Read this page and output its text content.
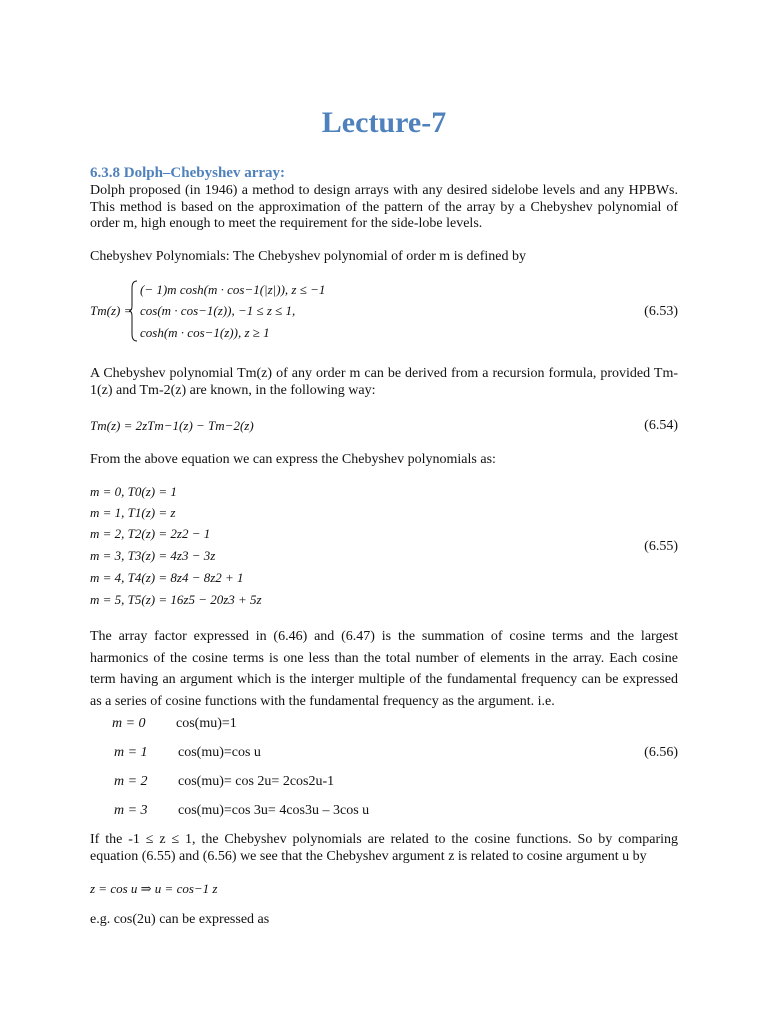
Lecture-7
6.3.8 Dolph–Chebyshev array:
Dolph proposed (in 1946) a method to design arrays with any desired sidelobe levels and any HPBWs. This method is based on the approximation of the pattern of the array by a Chebyshev polynomial of order m, high enough to meet the requirement for the side-lobe levels.
Chebyshev Polynomials: The Chebyshev polynomial of order m is defined by
Tm(z) =
(− 1)m cosh(m · cos−1(|z|)), z ≤ −1
cos(m · cos−1(z)), −1 ≤ z ≤ 1,
cosh(m · cos−1(z)), z ≥ 1
(6.53)
A Chebyshev polynomial Tm(z) of any order m can be derived from a recursion formula, provided Tm-1(z) and Tm-2(z) are known, in the following way:
Tm(z) = 2zTm−1(z) − Tm−2(z)	(6.54)
From the above equation we can express the Chebyshev polynomials as:
m = 0, T0(z) = 1
m = 1, T1(z) = z
m = 2, T2(z) = 2z2 − 1
m = 3, T3(z) = 4z3 − 3z
m = 4, T4(z) = 8z4 − 8z2 + 1
m = 5, T5(z) = 16z5 − 20z3 + 5z
(6.55)
The array factor expressed in (6.46) and (6.47) is the summation of cosine terms and the largest harmonics of the cosine terms is one less than the total number of elements in the array. Each cosine term having an argument which is the interger multiple of the fundamental frequency can be expressed as a series of cosine functions with the fundamental frequency as the argument. i.e.
m = 0 cos(mu)=1
m = 1 cos(mu)=cos u
m = 2 cos(mu)= cos 2u= 2cos2u-1
m = 3 cos(mu)=cos 3u= 4cos3u – 3cos u
(6.56)
If the -1 ≤ z ≤ 1, the Chebyshev polynomials are related to the cosine functions. So by comparing equation (6.55) and (6.56) we see that the Chebyshev argument z is related to cosine argument u by
z = cos u ⇒ u = cos−1 z
e.g. cos(2u) can be expressed as
